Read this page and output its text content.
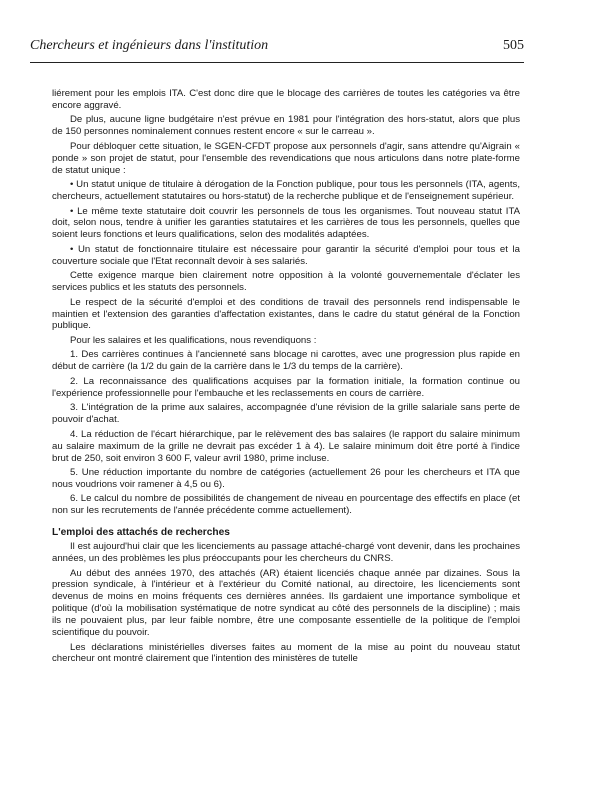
Chercheurs et ingénieurs dans l'institution	505

liérement pour les emplois ITA. C'est donc dire que le blocage des carrières de toutes les catégories va être encore aggravé.

De plus, aucune ligne budgétaire n'est prévue en 1981 pour l'intégration des hors-statut, alors que plus de 150 personnes nominalement connues restent encore « sur le carreau ».

Pour débloquer cette situation, le SGEN-CFDT propose aux personnels d'agir, sans attendre qu'Aigrain « ponde » son projet de statut, pour l'ensemble des revendications que nous articulons dans notre plate-forme de statut unique :

• Un statut unique de titulaire à dérogation de la Fonction publique, pour tous les personnels (ITA, agents, chercheurs, actuellement statutaires ou hors-statut) de la recherche publique et de l'enseignement supérieur.

• Le même texte statutaire doit couvrir les personnels de tous les organismes. Tout nouveau statut ITA doit, selon nous, tendre à unifier les garanties statutaires et les carrières de tous les personnels, quelles que soient leurs fonctions et leurs qualifications, selon des modalités adaptées.

• Un statut de fonctionnaire titulaire est nécessaire pour garantir la sécurité d'emploi pour tous et la couverture sociale que l'Etat reconnaît devoir à ses salariés.

Cette exigence marque bien clairement notre opposition à la volonté gouvernementale d'éclater les services publics et les statuts des personnels.

Le respect de la sécurité d'emploi et des conditions de travail des personnels rend indispensable le maintien et l'extension des garanties d'affectation existantes, dans le cadre du statut général de la Fonction publique.

Pour les salaires et les qualifications, nous revendiquons :

1. Des carrières continues à l'ancienneté sans blocage ni carottes, avec une progression plus rapide en début de carrière (la 1/2 du gain de la carrière dans le 1/3 du temps de la carrière).

2. La reconnaissance des qualifications acquises par la formation initiale, la formation continue ou l'expérience professionnelle pour l'embauche et les reclassements en cours de carrière.

3. L'intégration de la prime aux salaires, accompagnée d'une révision de la grille salariale sans perte de pouvoir d'achat.

4. La réduction de l'écart hiérarchique, par le relèvement des bas salaires (le rapport du salaire minimum au salaire maximum de la grille ne devrait pas excéder 1 à 4). Le salaire minimum doit être porté à l'indice brut de 250, soit environ 3 600 F, valeur avril 1980, prime incluse.

5. Une réduction importante du nombre de catégories (actuellement 26 pour les chercheurs et ITA que nous voudrions voir ramener à 4,5 ou 6).

6. Le calcul du nombre de possibilités de changement de niveau en pourcentage des effectifs en place (et non sur les recrutements de l'année précédente comme actuellement).

L'emploi des attachés de recherches

Il est aujourd'hui clair que les licenciements au passage attaché-chargé vont devenir, dans les prochaines années, un des problèmes les plus préoccupants pour les chercheurs du CNRS.

Au début des années 1970, des attachés (AR) étaient licenciés chaque année par dizaines. Sous la pression syndicale, à l'intérieur et à l'extérieur du Comité national, au directoire, les licenciements sont devenus de moins en moins fréquents ces dernières années. Ils gardaient une importance symbolique et politique (d'où la mobilisation systématique de notre syndicat au côté des personnels de la discipline) ; mais ils ne pouvaient plus, par leur faible nombre, être une composante essentielle de la politique de l'emploi scientifique du pouvoir.

Les déclarations ministérielles diverses faites au moment de la mise au point du nouveau statut chercheur ont montré clairement que l'intention des ministères de tutelle
